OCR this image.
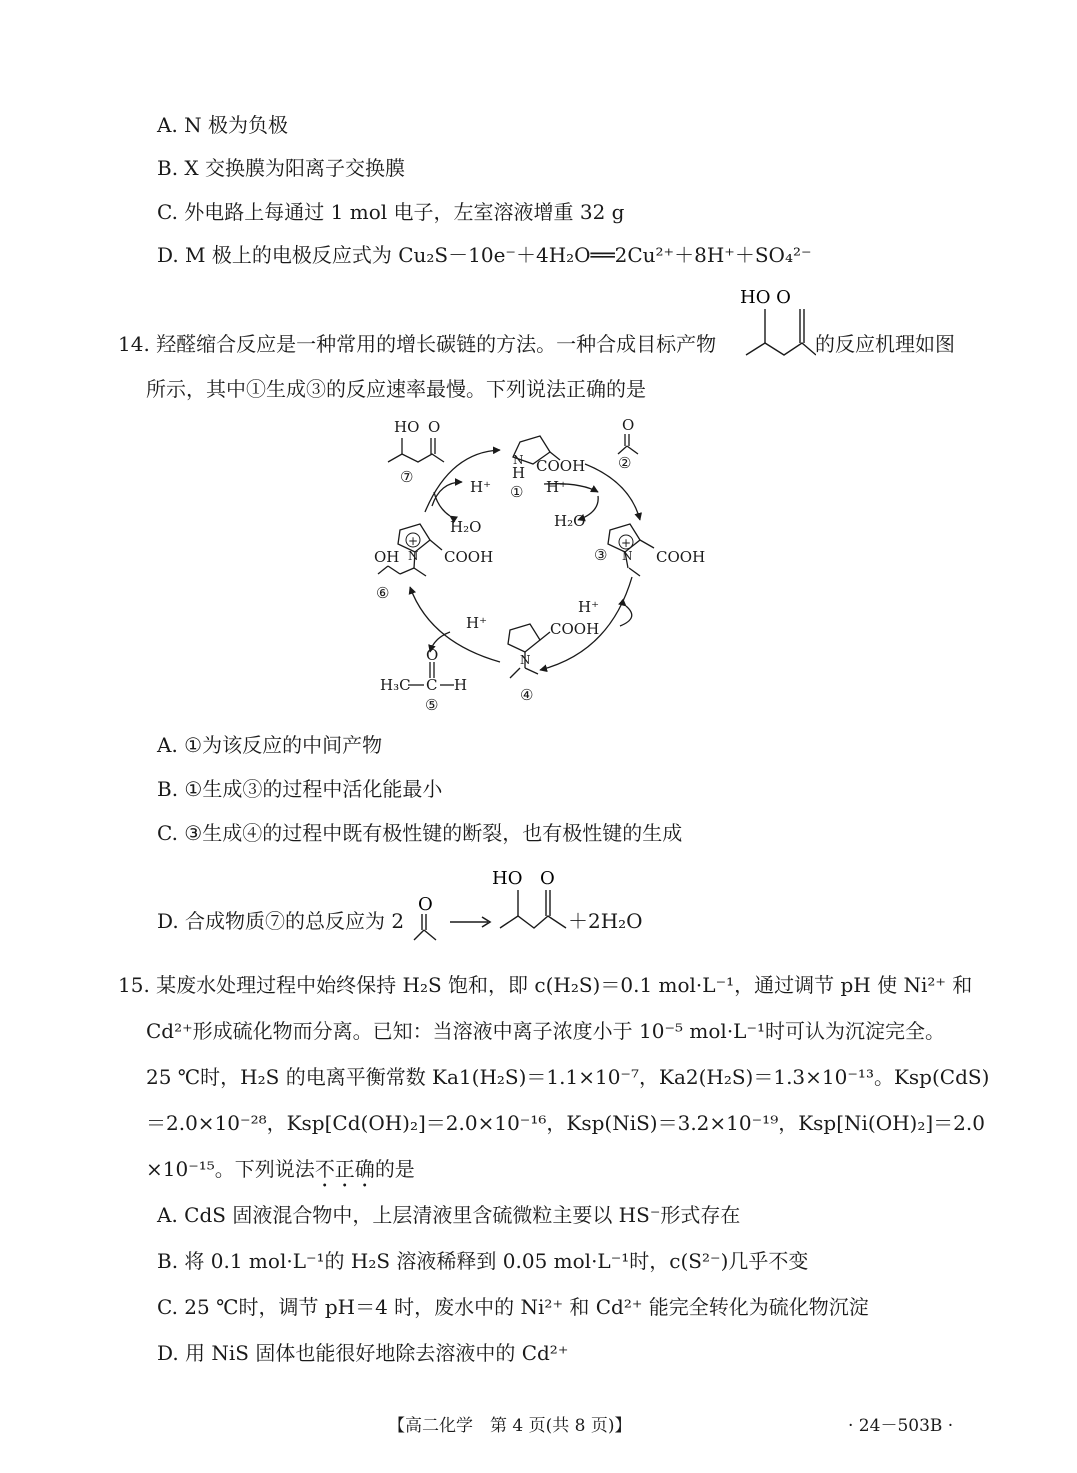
A. N 极为负极
B. X 交换膜为阳离子交换膜
C. 外电路上每通过 1 mol 电子，左室溶液增重 32 g
D. M 极上的电极反应式为 Cu₂S－10e⁻＋4H₂O══2Cu²⁺＋8H⁺＋SO₄²⁻
14. 羟醛缩合反应是一种常用的增长碳链的方法。一种合成目标产物
HO O
的反应机理如图
所示，其中①生成③的反应速率最慢。下列说法正确的是
COOH
H
N
①
O
②
COOH
③ N
COOH
N
④
O
C H
H₃C
⑤
OH N COOH
⑥
HO O
⑦
H⁺
H₂O
H⁺
H₂O
H⁺
H⁺
+
+
A. ①为该反应的中间产物
B. ①生成③的过程中活化能最小
C. ③生成④的过程中既有极性键的断裂，也有极性键的生成
D. 合成物质⑦的总反应为 2
O
HO O
＋2H₂O
15. 某废水处理过程中始终保持 H₂S 饱和，即 c(H₂S)＝0.1 mol·L⁻¹，通过调节 pH 使 Ni²⁺ 和
Cd²⁺形成硫化物而分离。已知：当溶液中离子浓度小于 10⁻⁵ mol·L⁻¹时可认为沉淀完全。
25 ℃时，H₂S 的电离平衡常数 Ka1(H₂S)＝1.1×10⁻⁷，Ka2(H₂S)＝1.3×10⁻¹³。Ksp(CdS)
＝2.0×10⁻²⁸，Ksp[Cd(OH)₂]＝2.0×10⁻¹⁶，Ksp(NiS)＝3.2×10⁻¹⁹，Ksp[Ni(OH)₂]＝2.0
×10⁻¹⁵。下列说法不正确的是
A. CdS 固液混合物中，上层清液里含硫微粒主要以 HS⁻形式存在
B. 将 0.1 mol·L⁻¹的 H₂S 溶液稀释到 0.05 mol·L⁻¹时，c(S²⁻)几乎不变
C. 25 ℃时，调节 pH＝4 时，废水中的 Ni²⁺ 和 Cd²⁺ 能完全转化为硫化物沉淀
D. 用 NiS 固体也能很好地除去溶液中的 Cd²⁺
【高二化学　第 4 页(共 8 页)】	· 24－503B ·
